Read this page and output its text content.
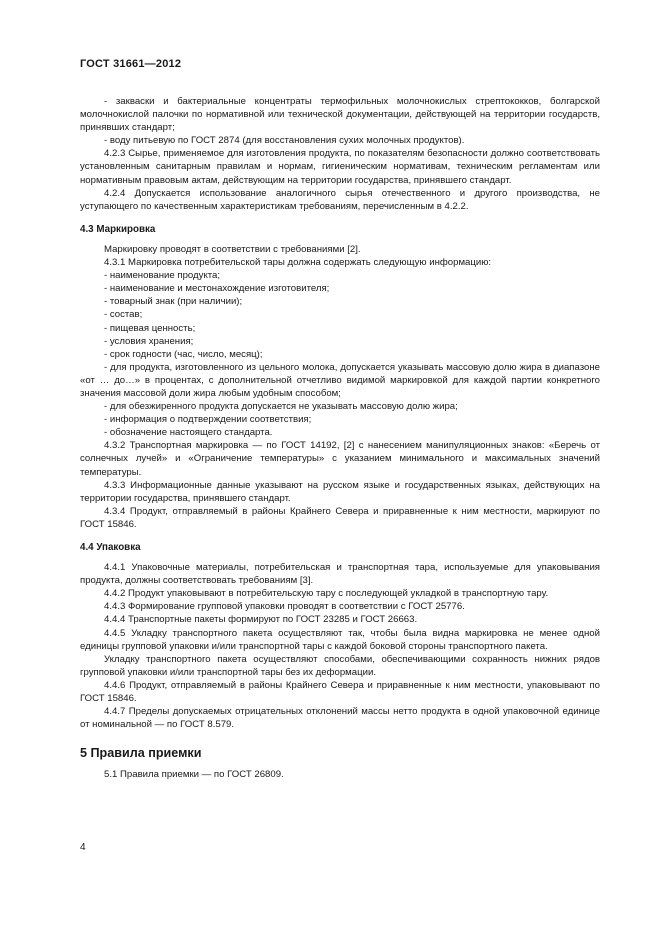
ГОСТ 31661—2012

- закваски и бактериальные концентраты термофильных молочнокислых стрептококков, болгарской молочнокислой палочки по нормативной или технической документации, действующей на территории государств, принявших стандарт;

- воду питьевую по ГОСТ 2874 (для восстановления сухих молочных продуктов).

4.2.3 Сырье, применяемое для изготовления продукта, по показателям безопасности должно соответствовать установленным санитарным правилам и нормам, гигиеническим нормативам, техническим регламентам или нормативным правовым актам, действующим на территории государства, принявшего стандарт.

4.2.4 Допускается использование аналогичного сырья отечественного и другого производства, не уступающего по качественным характеристикам требованиям, перечисленным в 4.2.2.

4.3 Маркировка

Маркировку проводят в соответствии с требованиями [2].

4.3.1 Маркировка потребительской тары должна содержать следующую информацию:

- наименование продукта;

- наименование и местонахождение изготовителя;

- товарный знак (при наличии);

- состав;

- пищевая ценность;

- условия хранения;

- срок годности (час, число, месяц);

- для продукта, изготовленного из цельного молока, допускается указывать массовую долю жира в диапазоне «от … до…» в процентах, с дополнительной отчетливо видимой маркировкой для каждой партии конкретного значения массовой доли жира любым удобным способом;

- для обезжиренного продукта допускается не указывать массовую долю жира;

- информация о подтверждении соответствия;

- обозначение настоящего стандарта.

4.3.2 Транспортная маркировка — по ГОСТ 14192, [2] с нанесением манипуляционных знаков: «Беречь от солнечных лучей» и «Ограничение температуры» с указанием минимального и максимальных значений температуры.

4.3.3 Информационные данные указывают на русском языке и государственных языках, действующих на территории государства, принявшего стандарт.

4.3.4 Продукт, отправляемый в районы Крайнего Севера и приравненные к ним местности, маркируют по ГОСТ 15846.

4.4 Упаковка

4.4.1 Упаковочные материалы, потребительская и транспортная тара, используемые для упаковывания продукта, должны соответствовать требованиям [3].

4.4.2 Продукт упаковывают в потребительскую тару с последующей укладкой в транспортную тару.

4.4.3 Формирование групповой упаковки проводят в соответствии с ГОСТ 25776.

4.4.4 Транспортные пакеты формируют по ГОСТ 23285 и ГОСТ 26663.

4.4.5 Укладку транспортного пакета осуществляют так, чтобы была видна маркировка не менее одной единицы групповой упаковки и/или транспортной тары с каждой боковой стороны транспортного пакета.

Укладку транспортного пакета осуществляют способами, обеспечивающими сохранность нижних рядов групповой упаковки и/или транспортной тары без их деформации.

4.4.6 Продукт, отправляемый в районы Крайнего Севера и приравненные к ним местности, упаковывают по ГОСТ 15846.

4.4.7 Пределы допускаемых отрицательных отклонений массы нетто продукта в одной упаковочной единице от номинальной — по ГОСТ 8.579.

5 Правила приемки

5.1 Правила приемки — по ГОСТ 26809.

4
